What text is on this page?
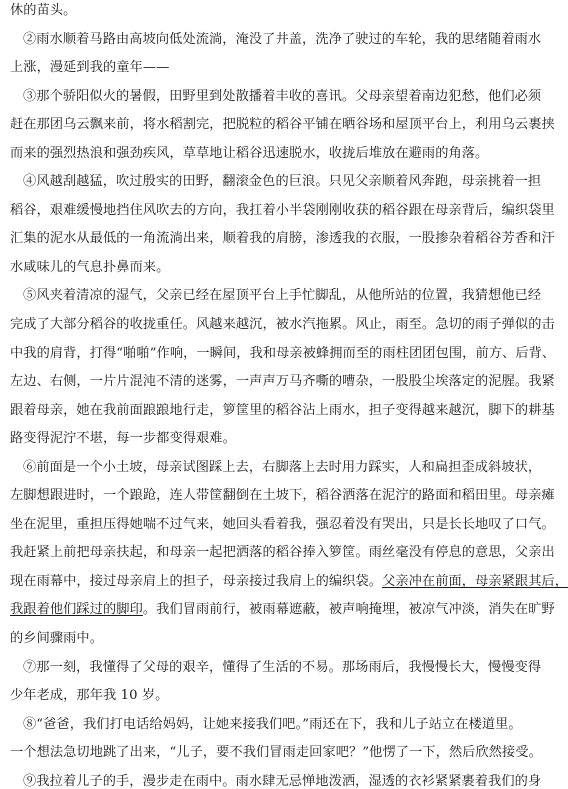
休的苗头。
②雨水顺着马路由高坡向低处流淌，淹没了井盖，洗净了驶过的车轮，我的思绪随着雨水
上涨，漫延到我的童年——
③那个骄阳似火的暑假，田野里到处散播着丰收的喜讯。父母亲望着南边犯愁，他们必须
赶在那团乌云飘来前，将水稻割完，把脱粒的稻谷平铺在晒谷场和屋顶平台上，利用乌云裹挟
而来的强烈热浪和强劲疾风，草草地让稻谷迅速脱水，收拢后堆放在避雨的角落。
④风越刮越猛，吹过殷实的田野，翻滚金色的巨浪。只见父亲顺着风奔跑，母亲挑着一担
稻谷，艰难缓慢地挡住风吹去的方向，我扛着小半袋刚刚收获的稻谷跟在母亲背后，编织袋里
汇集的泥水从最低的一角流淌出来，顺着我的肩膀，渗透我的衣服，一股掺杂着稻谷芳香和汗
水咸味儿的气息扑鼻而来。
⑤风夹着清凉的湿气，父亲已经在屋顶平台上手忙脚乱，从他所站的位置，我猜想他已经
完成了大部分稻谷的收拢重任。风越来越沉，被水汽拖累。风止，雨至。急切的雨子弹似的击
中我的肩背，打得“啪啪”作响，一瞬间，我和母亲被蜂拥而至的雨柱团团包围，前方、后背、
左边、右侧，一片片混沌不清的迷雾，一声声万马齐嘶的嘈杂，一股股尘埃落定的泥腥。我紧
跟着母亲，她在我前面踉踉地行走，箩筐里的稻谷沾上雨水，担子变得越来越沉，脚下的耕基
路变得泥泞不堪，每一步都变得艰难。
⑥前面是一个小土坡，母亲试图踩上去，右脚落上去时用力踩实，人和扁担歪成斜坡状，
左脚想跟进时，一个踉跄，连人带筐翻倒在土坡下，稻谷洒落在泥泞的路面和稻田里。母亲瘫
坐在泥里，重担压得她喘不过气来，她回头看着我，强忍着没有哭出，只是长长地叹了口气。
我赶紧上前把母亲扶起，和母亲一起把洒落的稻谷捧入箩筐。雨丝毫没有停息的意思，父亲出
现在雨幕中，接过母亲肩上的担子，母亲接过我肩上的编织袋。父亲冲在前面，母亲紧跟其后，
我跟着他们踩过的脚印。我们冒雨前行，被雨幕遮蔽，被声响掩埋，被凉气冲淡，消失在旷野
的乡间骤雨中。
⑦那一刻，我懂得了父母的艰辛，懂得了生活的不易。那场雨后，我慢慢长大，慢慢变得
少年老成，那年我 10 岁。
⑧“爸爸，我们打电话给妈妈，让她来接我们吧。”雨还在下，我和儿子站立在楼道里。
一个想法急切地跳了出来，“儿子，要不我们冒雨走回家吧？”他愣了一下，然后欣然接受。
⑨我拉着儿子的手，漫步走在雨中。雨水肆无忌惮地泼洒，湿透的衣衫紧紧裹着我们的身
